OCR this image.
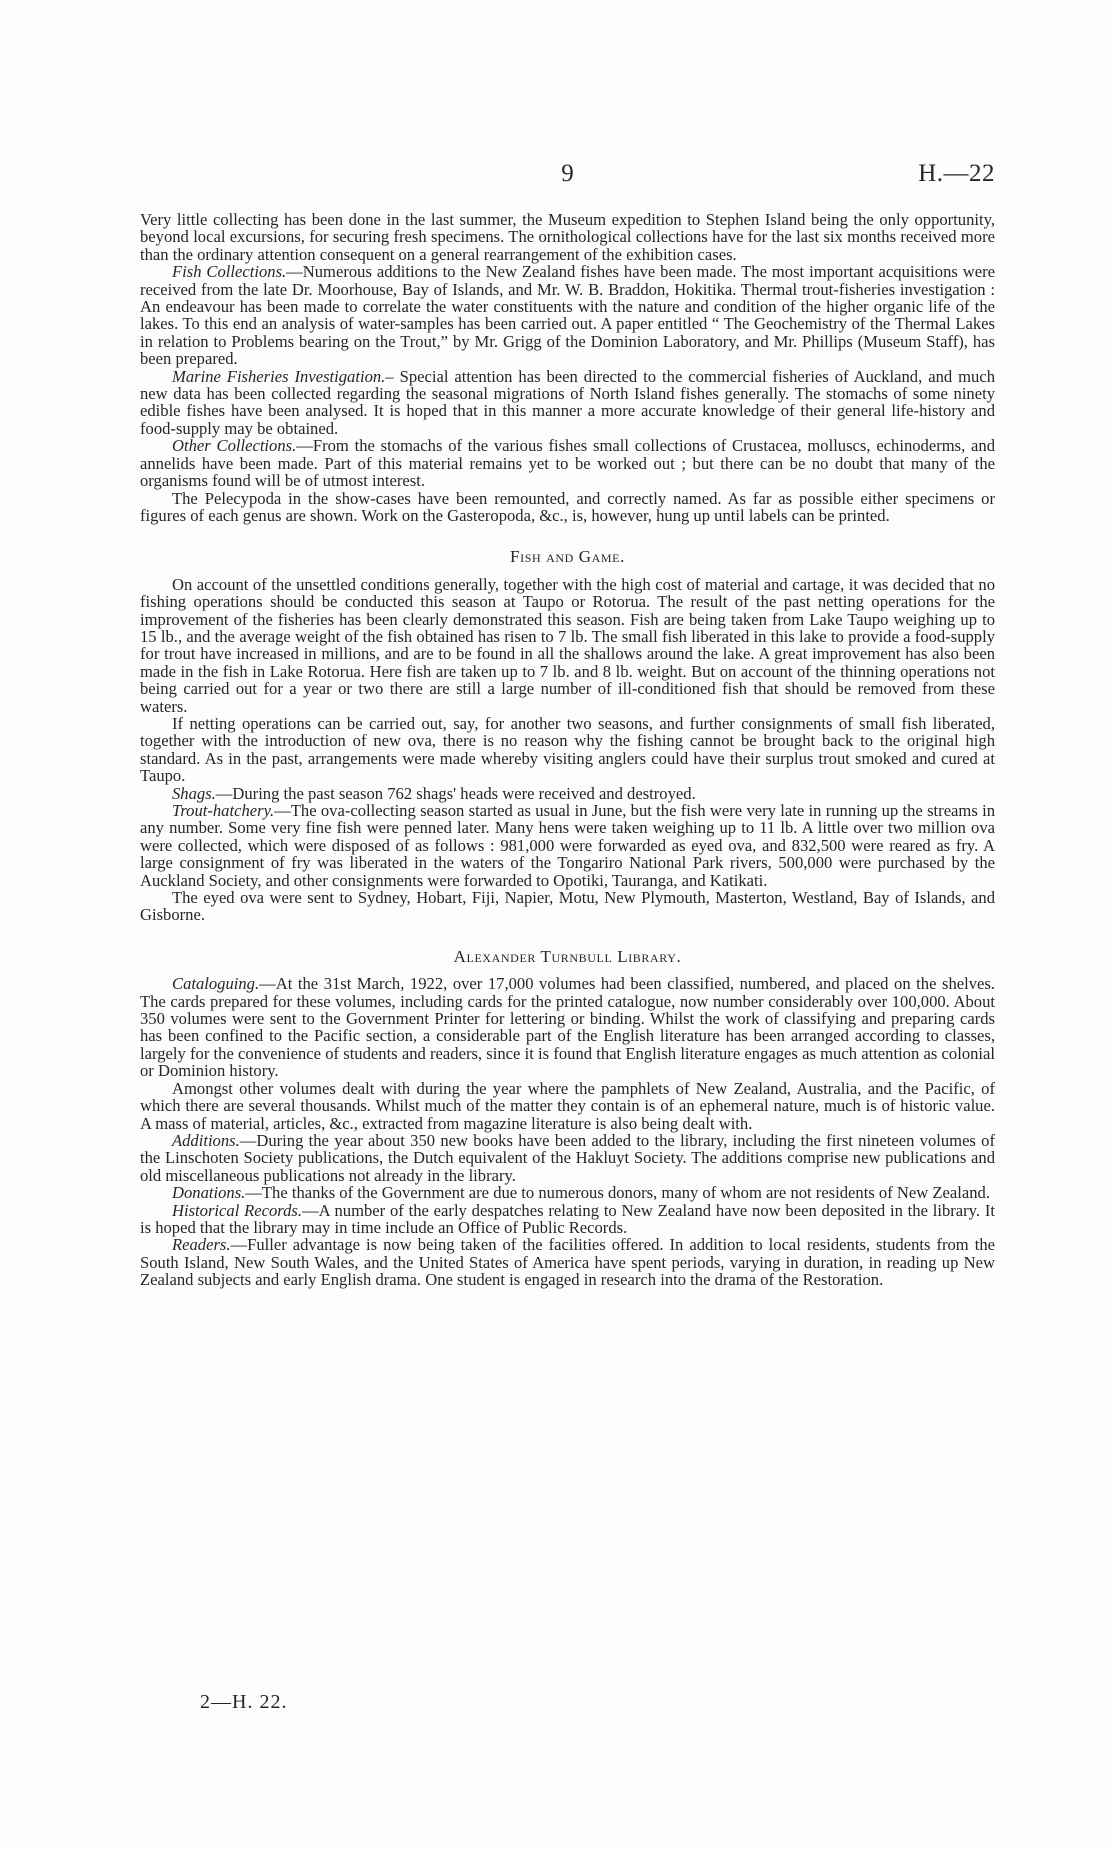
9	H.—22

Very little collecting has been done in the last summer, the Museum expedition to Stephen Island being the only opportunity, beyond local excursions, for securing fresh specimens. The ornithological collections have for the last six months received more than the ordinary attention consequent on a general rearrangement of the exhibition cases.

Fish Collections.—Numerous additions to the New Zealand fishes have been made. The most important acquisitions were received from the late Dr. Moorhouse, Bay of Islands, and Mr. W. B. Braddon, Hokitika. Thermal trout-fisheries investigation : An endeavour has been made to correlate the water constituents with the nature and condition of the higher organic life of the lakes. To this end an analysis of water-samples has been carried out. A paper entitled “ The Geochemistry of the Thermal Lakes in relation to Problems bearing on the Trout,” by Mr. Grigg of the Dominion Laboratory, and Mr. Phillips (Museum Staff), has been prepared.

Marine Fisheries Investigation.– Special attention has been directed to the commercial fisheries of Auckland, and much new data has been collected regarding the seasonal migrations of North Island fishes generally. The stomachs of some ninety edible fishes have been analysed. It is hoped that in this manner a more accurate knowledge of their general life-history and food-supply may be obtained.

Other Collections.—From the stomachs of the various fishes small collections of Crustacea, molluscs, echinoderms, and annelids have been made. Part of this material remains yet to be worked out ; but there can be no doubt that many of the organisms found will be of utmost interest.

The Pelecypoda in the show-cases have been remounted, and correctly named. As far as possible either specimens or figures of each genus are shown. Work on the Gasteropoda, &c., is, however, hung up until labels can be printed.

Fish and Game.

On account of the unsettled conditions generally, together with the high cost of material and cartage, it was decided that no fishing operations should be conducted this season at Taupo or Rotorua. The result of the past netting operations for the improvement of the fisheries has been clearly demonstrated this season. Fish are being taken from Lake Taupo weighing up to 15 lb., and the average weight of the fish obtained has risen to 7 lb. The small fish liberated in this lake to provide a food-supply for trout have increased in millions, and are to be found in all the shallows around the lake. A great improvement has also been made in the fish in Lake Rotorua. Here fish are taken up to 7 lb. and 8 lb. weight. But on account of the thinning operations not being carried out for a year or two there are still a large number of ill-conditioned fish that should be removed from these waters.

If netting operations can be carried out, say, for another two seasons, and further consignments of small fish liberated, together with the introduction of new ova, there is no reason why the fishing cannot be brought back to the original high standard. As in the past, arrangements were made whereby visiting anglers could have their surplus trout smoked and cured at Taupo.

Shags.—During the past season 762 shags' heads were received and destroyed.

Trout-hatchery.—The ova-collecting season started as usual in June, but the fish were very late in running up the streams in any number. Some very fine fish were penned later. Many hens were taken weighing up to 11 lb. A little over two million ova were collected, which were disposed of as follows : 981,000 were forwarded as eyed ova, and 832,500 were reared as fry. A large consignment of fry was liberated in the waters of the Tongariro National Park rivers, 500,000 were purchased by the Auckland Society, and other consignments were forwarded to Opotiki, Tauranga, and Katikati.

The eyed ova were sent to Sydney, Hobart, Fiji, Napier, Motu, New Plymouth, Masterton, Westland, Bay of Islands, and Gisborne.

Alexander Turnbull Library.

Cataloguing.—At the 31st March, 1922, over 17,000 volumes had been classified, numbered, and placed on the shelves. The cards prepared for these volumes, including cards for the printed catalogue, now number considerably over 100,000. About 350 volumes were sent to the Government Printer for lettering or binding. Whilst the work of classifying and preparing cards has been confined to the Pacific section, a considerable part of the English literature has been arranged according to classes, largely for the convenience of students and readers, since it is found that English literature engages as much attention as colonial or Dominion history.

Amongst other volumes dealt with during the year where the pamphlets of New Zealand, Australia, and the Pacific, of which there are several thousands. Whilst much of the matter they contain is of an ephemeral nature, much is of historic value. A mass of material, articles, &c., extracted from magazine literature is also being dealt with.

Additions.—During the year about 350 new books have been added to the library, including the first nineteen volumes of the Linschoten Society publications, the Dutch equivalent of the Hakluyt Society. The additions comprise new publications and old miscellaneous publications not already in the library.

Donations.—The thanks of the Government are due to numerous donors, many of whom are not residents of New Zealand.

Historical Records.—A number of the early despatches relating to New Zealand have now been deposited in the library. It is hoped that the library may in time include an Office of Public Records.

Readers.—Fuller advantage is now being taken of the facilities offered. In addition to local residents, students from the South Island, New South Wales, and the United States of America have spent periods, varying in duration, in reading up New Zealand subjects and early English drama. One student is engaged in research into the drama of the Restoration.

2—H. 22.
